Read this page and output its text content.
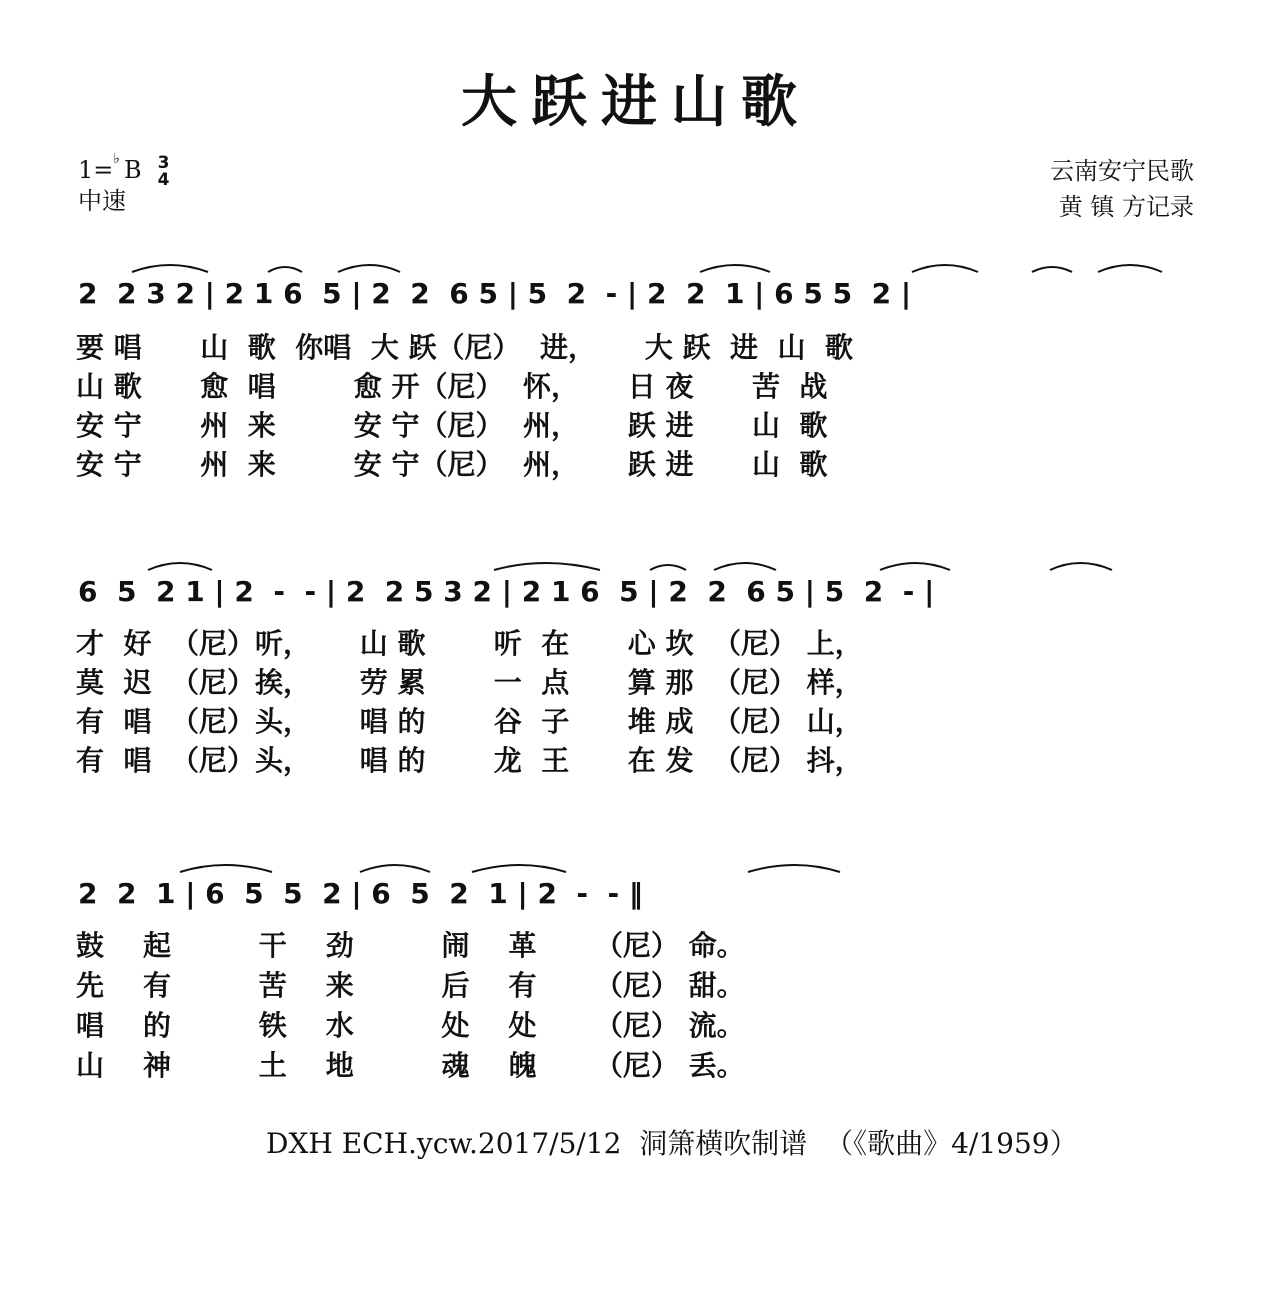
大跃进山歌
1=♭ B 3
4
中速
云南安宁民歌
黄 镇 方记录
2  2 3 2 | 2 1 6  5 | 2  2  6 5 | 5  2  - | 2  2  1 | 6 5 5  2 |
要 唱      山  歌  你唱  大 跃（尼）  进，     大 跃  进  山  歌
山 歌      愈  唱        愈 开（尼）  怀，     日 夜      苦  战
安 宁      州  来        安 宁（尼）  州，     跃 进      山  歌
安 宁      州  来        安 宁（尼）  州，     跃 进      山  歌
6  5  2 1 | 2  -  - | 2  2 5 3 2 | 2 1 6  5 | 2  2  6 5 | 5  2  - |
才  好  （尼）听，     山 歌       听  在      心 坎  （尼） 上，
莫  迟  （尼）挨，     劳 累       一  点      算 那  （尼） 样，
有  唱  （尼）头，     唱 的       谷  子      堆 成  （尼） 山，
有  唱  （尼）头，     唱 的       龙  王      在 发  （尼） 抖，
2  2  1 | 6  5  5  2 | 6  5  2  1 | 2  -  - ‖
鼓    起         干    劲         闹    革      （尼） 命。
先    有         苦    来         后    有      （尼） 甜。
唱    的         铁    水         处    处      （尼） 流。
山    神         土    地         魂    魄      （尼） 丢。
DXH ECH.ycw.2017/5/12  洞箫横吹制谱  （《歌曲》4/1959）
